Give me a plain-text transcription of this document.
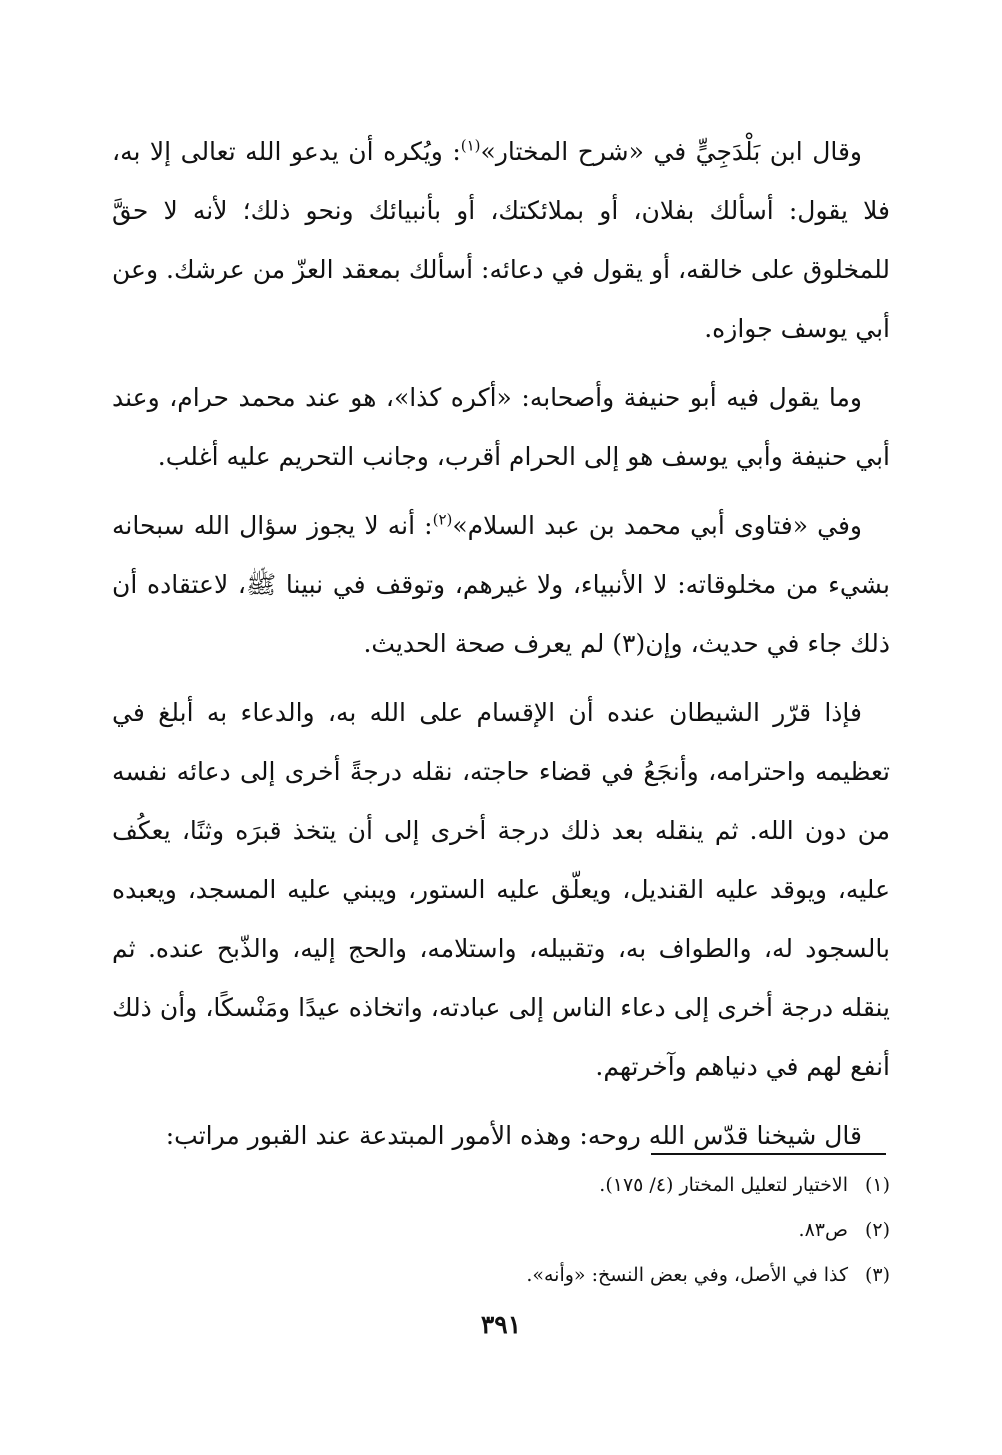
وقال ابن بَلْدَجِيٍّ في «شرح المختار»$^{(١)}$: ويُكره أن يدعو الله تعالى إلا به، فلا يقول: أسألك بفلان، أو بملائكتك، أو بأنبيائك ونحو ذلك؛ لأنه لا حقَّ للمخلوق على خالقه، أو يقول في دعائه: أسألك بمعقد العزّ من عرشك. وعن أبي يوسف جوازه.

وما يقول فيه أبو حنيفة وأصحابه: «أكره كذا»، هو عند محمد حرام، وعند أبي حنيفة وأبي يوسف هو إلى الحرام أقرب، وجانب التحريم عليه أغلب.

وفي «فتاوى أبي محمد بن عبد السلام»$^{(٢)}$: أنه لا يجوز سؤال الله سبحانه بشيء من مخلوقاته: لا الأنبياء، ولا غيرهم، وتوقف في نبينا ﷺ، لاعتقاده أن ذلك جاء في حديث، وإن(٣) لم يعرف صحة الحديث.

فإذا قرّر الشيطان عنده أن الإقسام على الله به، والدعاء به أبلغ في تعظيمه واحترامه، وأنجَعُ في قضاء حاجته، نقله درجةً أخرى إلى دعائه نفسه من دون الله. ثم ينقله بعد ذلك درجة أخرى إلى أن يتخذ قبرَه وثنًا، يعكُف عليه، ويوقد عليه القنديل، ويعلّق عليه الستور، ويبني عليه المسجد، ويعبده بالسجود له، والطواف به، وتقبيله، واستلامه، والحج إليه، والذّبح عنده. ثم ينقله درجة أخرى إلى دعاء الناس إلى عبادته، واتخاذه عيدًا ومَنْسكًا، وأن ذلك أنفع لهم في دنياهم وآخرتهم.

قال شيخنا قدّس الله روحه: وهذه الأمور المبتدعة عند القبور مراتب:

(١)الاختيار لتعليل المختار (٤/ ١٧٥).

(٢)ص٨٣.

(٣)كذا في الأصل، وفي بعض النسخ: «وأنه».

٣٩١
